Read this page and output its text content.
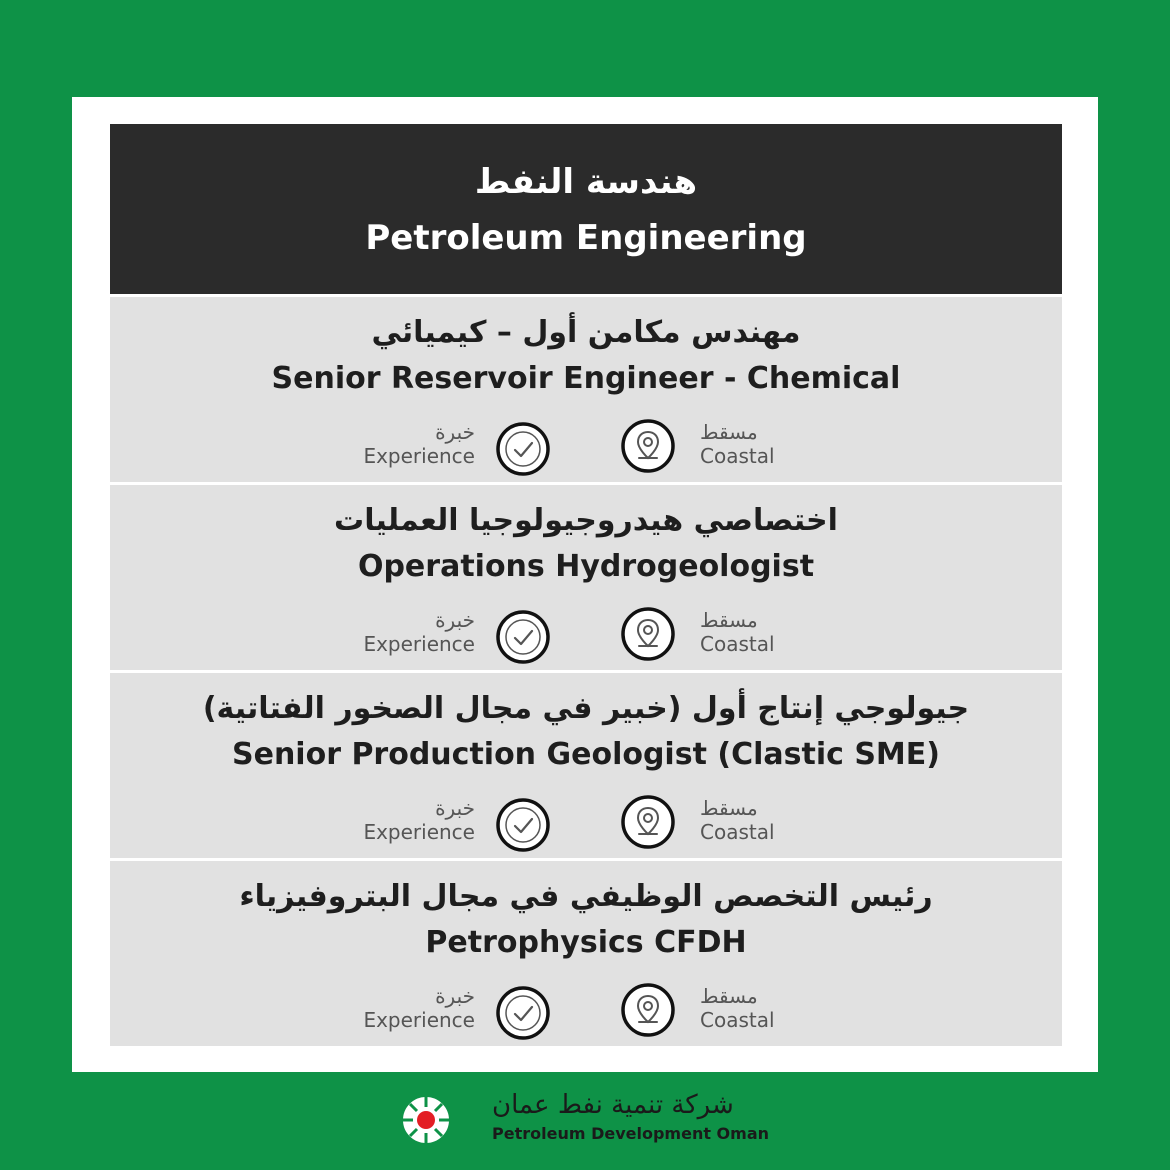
هندسة النفط
Petroleum Engineering
مهندس مكامن أول – كيميائي
Senior Reservoir Engineer - Chemical
خبرة
Experience
مسقط
Coastal
اختصاصي هيدروجيولوجيا العمليات
Operations Hydrogeologist
خبرة
Experience
مسقط
Coastal
جيولوجي إنتاج أول (خبير في مجال الصخور الفتاتية)
Senior Production Geologist (Clastic SME)
خبرة
Experience
مسقط
Coastal
رئيس التخصص الوظيفي في مجال البتروفيزياء
Petrophysics CFDH
خبرة
Experience
مسقط
Coastal
شركة تنمية نفط عمان
Petroleum Development Oman
